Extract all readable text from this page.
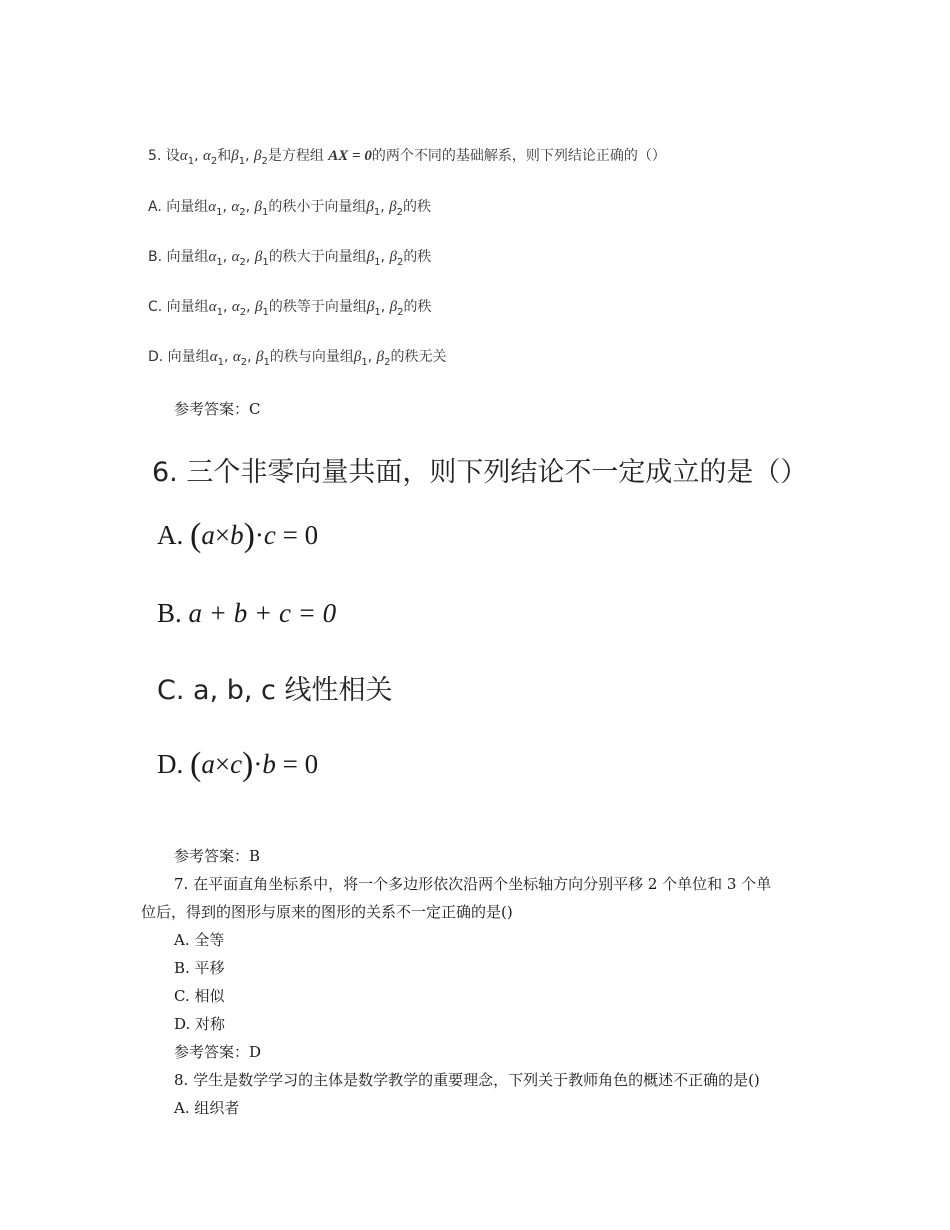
5. 设$\alpha_1$, $\alpha_2$和$\beta_1$, $\beta_2$是方程组 AX = 0的两个不同的基础解系，则下列结论正确的（）
A. 向量组$\alpha_1$, $\alpha_2$, $\beta_1$的秩小于向量组$\beta_1$, $\beta_2$的秩
B. 向量组$\alpha_1$, $\alpha_2$, $\beta_1$的秩大于向量组$\beta_1$, $\beta_2$的秩
C. 向量组$\alpha_1$, $\alpha_2$, $\beta_1$的秩等于向量组$\beta_1$, $\beta_2$的秩
D. 向量组$\alpha_1$, $\alpha_2$, $\beta_1$的秩与向量组$\beta_1$, $\beta_2$的秩无关
参考答案：C
6. 三个非零向量共面，则下列结论不一定成立的是（）
A. (a×b)·c = 0
B. a + b + c = 0
C. a, b, c 线性相关
D. (a×c)·b = 0
参考答案：B
7. 在平面直角坐标系中，将一个多边形依次沿两个坐标轴方向分别平移 2 个单位和 3 个单
位后，得到的图形与原来的图形的关系不一定正确的是()
A. 全等
B. 平移
C. 相似
D. 对称
参考答案：D
8. 学生是数学学习的主体是数学教学的重要理念，下列关于教师角色的概述不正确的是()
A. 组织者
